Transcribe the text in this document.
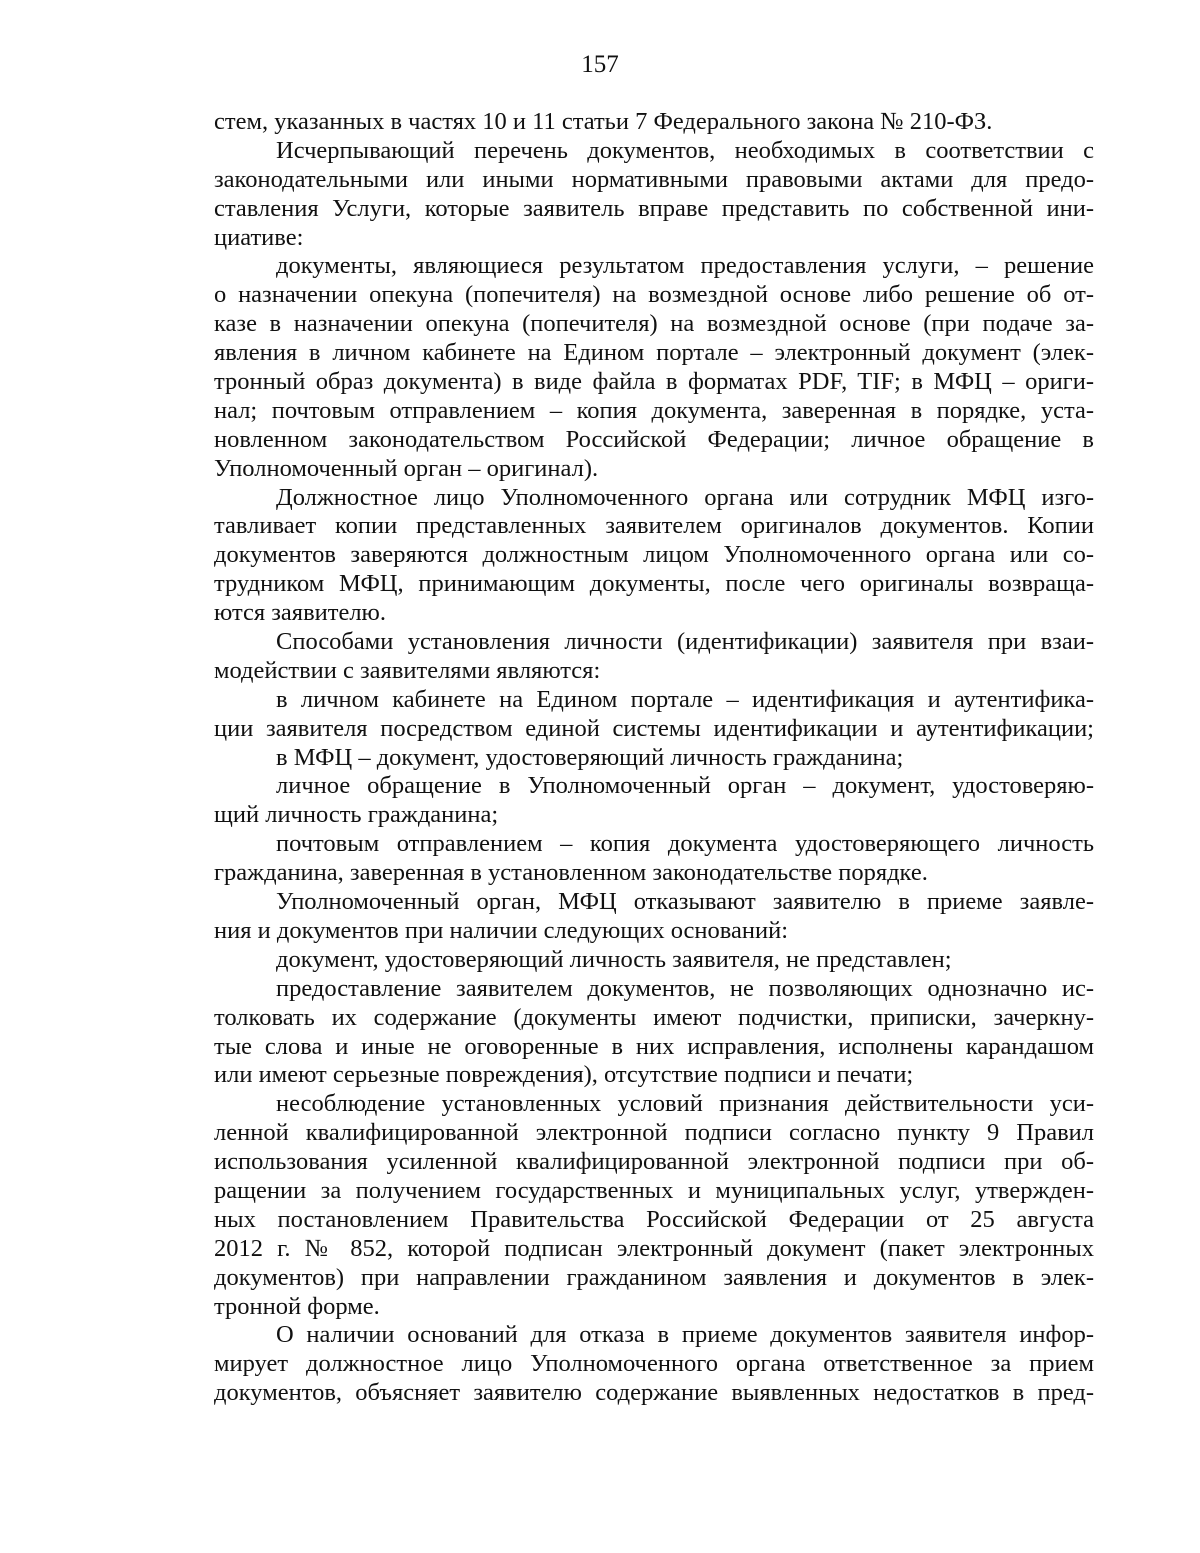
157
стем, указанных в частях 10 и 11 статьи 7 Федерального закона № 210-ФЗ.
Исчерпывающий перечень документов, необходимых в соответствии с
законодательными или иными нормативными правовыми актами для предо-
ставления Услуги, которые заявитель вправе представить по собственной ини-
циативе:
документы, являющиеся результатом предоставления услуги, – решение
о назначении опекуна (попечителя) на возмездной основе либо решение об от-
казе в назначении опекуна (попечителя) на возмездной основе (при подаче за-
явления в личном кабинете на Едином портале – электронный документ (элек-
тронный образ документа) в виде файла в форматах PDF, TIF; в МФЦ – ориги-
нал; почтовым отправлением – копия документа, заверенная в порядке, уста-
новленном законодательством Российской Федерации; личное обращение в
Уполномоченный орган – оригинал).
Должностное лицо Уполномоченного органа или сотрудник МФЦ изго-
тавливает копии представленных заявителем оригиналов документов. Копии
документов заверяются должностным лицом Уполномоченного органа или со-
трудником МФЦ, принимающим документы, после чего оригиналы возвраща-
ются заявителю.
Способами установления личности (идентификации) заявителя при взаи-
модействии с заявителями являются:
в личном кабинете на Едином портале – идентификация и аутентифика-
ции заявителя посредством единой системы идентификации и аутентификации;
в МФЦ – документ, удостоверяющий личность гражданина;
личное обращение в Уполномоченный орган – документ, удостоверяю-
щий личность гражданина;
почтовым отправлением – копия документа удостоверяющего личность
гражданина, заверенная в установленном законодательстве порядке.
Уполномоченный орган, МФЦ отказывают заявителю в приеме заявле-
ния и документов при наличии следующих оснований:
документ, удостоверяющий личность заявителя, не представлен;
предоставление заявителем документов, не позволяющих однозначно ис-
толковать их содержание (документы имеют подчистки, приписки, зачеркну-
тые слова и иные не оговоренные в них исправления, исполнены карандашом
или имеют серьезные повреждения), отсутствие подписи и печати;
несоблюдение установленных условий признания действительности уси-
ленной квалифицированной электронной подписи согласно пункту 9 Правил
использования усиленной квалифицированной электронной подписи при об-
ращении за получением государственных и муниципальных услуг, утвержден-
ных постановлением Правительства Российской Федерации от 25 августа
2012 г. № 852, которой подписан электронный документ (пакет электронных
документов) при направлении гражданином заявления и документов в элек-
тронной форме.
О наличии оснований для отказа в приеме документов заявителя инфор-
мирует должностное лицо Уполномоченного органа ответственное за прием
документов, объясняет заявителю содержание выявленных недостатков в пред-
